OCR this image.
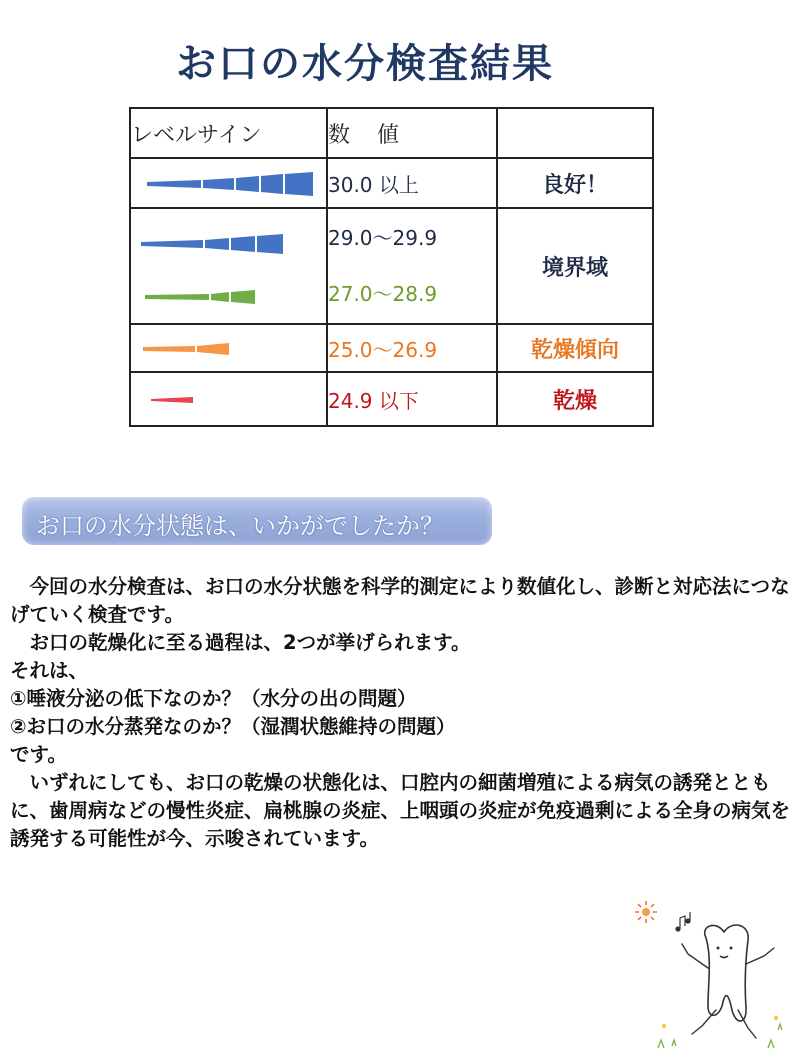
お口の水分検査結果
レベルサイン	数 値	

	30.0 以上	良好！

29.0〜29.9
27.0〜28.9	境界域

	25.0〜26.9	乾燥傾向

	24.9 以下	乾燥
お口の水分状態は、いかがでしたか？

　今回の水分検査は、お口の水分状態を科学的測定により数値化し、診断と対応法につなげていく検査です。

　お口の乾燥化に至る過程は、2つが挙げられます。

それは、

①唾液分泌の低下なのか？（水分の出の問題）

②お口の水分蒸発なのか？（湿潤状態維持の問題）

です。

　いずれにしても、お口の乾燥の状態化は、口腔内の細菌増殖による病気の誘発とともに、歯周病などの慢性炎症、扁桃腺の炎症、上咽頭の炎症が免疫過剰による全身の病気を誘発する可能性が今、示唆されています。
